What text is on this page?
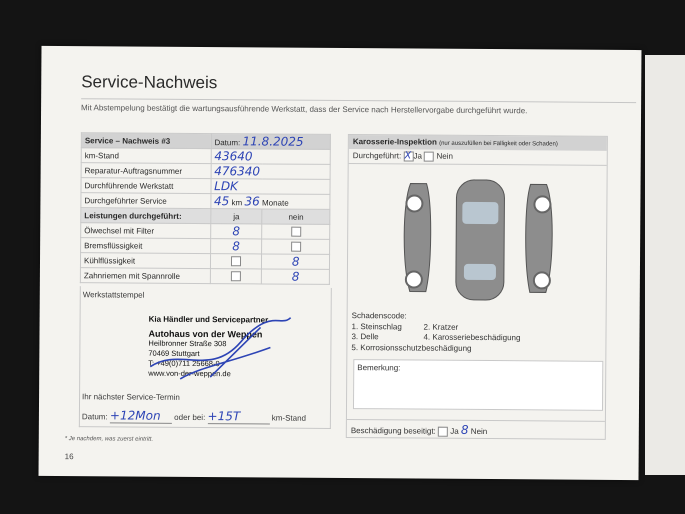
Service-Nachweis
Mit Abstempelung bestätigt die wartungsausführende Werkstatt, dass der Service nach Herstellervorgabe durchgeführt wurde.
Service – Nachweis #3	Datum: 11.8.2025	
km-Stand	43640	
Reparatur-Auftragsnummer	476340	
Durchführende Werkstatt	LDK	
Durchgeführter Service	45 km 36 Monate	
Leistungen durchgeführt:	ja	nein
Ölwechsel mit Filter	8	
Bremsflüssigkeit	8	
Kühlflüssigkeit		8
Zahnriemen mit Spannrolle		8
Werkstattstempel
Kia Händler und Servicepartner
Autohaus von der Weppen
Heilbronner Straße 308
70469 Stuttgart
T: +49(0)711 25668-0
www.von-der-weppen.de
Ihr nächster Service-Termin
Datum: +12Mon oder bei: +15T	km-Stand
Karosserie-Inspektion (nur auszufüllen bei Fälligkeit oder Schaden)
Durchgeführt: X Ja Nein
Schadenscode:
1. Steinschlag	2. Kratzer
3. Delle	4. Karosseriebeschädigung
5. Korrosionsschutzbeschädigung
Bemerkung:
Beschädigung beseitigt: Ja 8 Nein
* Je nachdem, was zuerst eintritt.
16
